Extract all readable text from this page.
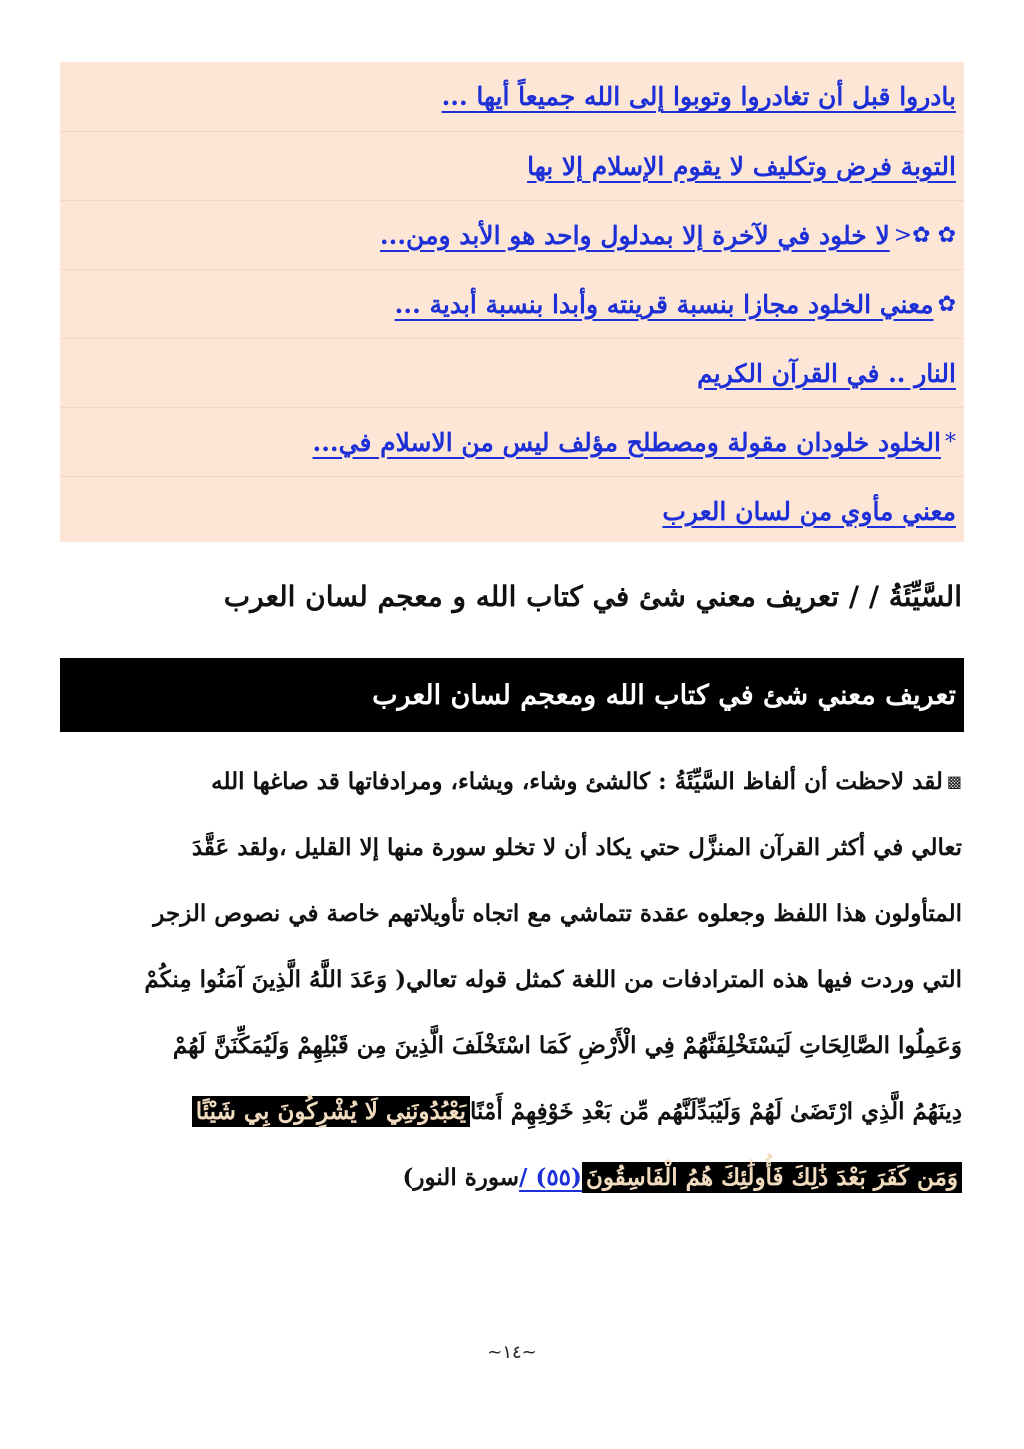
بادروا قبل أن تغادروا وتوبوا إلى الله جميعاً أيها ...
التوبة فرض وتكليف لا يقوم الإسلام إلا بها
✿ ✿<
لا خلود في لآخرة إلا بمدلول واحد هو الأبد ومن...
✿
معني الخلود مجازا بنسبة قرينته وأبدا بنسبة أبدية ...
النار .. في القرآن الكريم
*
الخلود خلودان مقولة ومصطلح مؤلف ليس من الاسلام في...
معني مأوي من لسان العرب
السَّيِّئَةُ / / تعريف معني شئ في كتاب الله و معجم لسان العرب
تعريف معني شئ في كتاب الله ومعجم لسان العرب
▩
لقد لاحظت أن ألفاظ السَّيِّئَةُ : كالشئ وشاء، ويشاء، ومرادفاتها قد صاغها الله
تعالي في أكثر القرآن المنزَّل حتي يكاد أن لا تخلو سورة منها إلا القليل ،ولقد عَقَّدَ
المتأولون هذا اللفظ وجعلوه عقدة تتماشي مع اتجاه تأويلاتهم خاصة في نصوص الزجر
التي وردت فيها هذه المترادفات من اللغة كمثل قوله تعالي( وَعَدَ اللَّهُ الَّذِينَ آمَنُوا مِنكُمْ
وَعَمِلُوا الصَّالِحَاتِ لَيَسْتَخْلِفَنَّهُمْ فِي الْأَرْضِ كَمَا اسْتَخْلَفَ الَّذِينَ مِن قَبْلِهِمْ وَلَيُمَكِّنَنَّ لَهُمْ
دِينَهُمُ الَّذِي ارْتَضَىٰ لَهُمْ وَلَيُبَدِّلَنَّهُم مِّن بَعْدِ خَوْفِهِمْ أَمْنًا
يَعْبُدُونَنِي لَا يُشْرِكُونَ بِي شَيْئًا
وَمَن كَفَرَ بَعْدَ ذَٰلِكَ فَأُولَٰئِكَ هُمُ الْفَاسِقُونَ
(٥٥) /
سورة النور)
~١٤~
